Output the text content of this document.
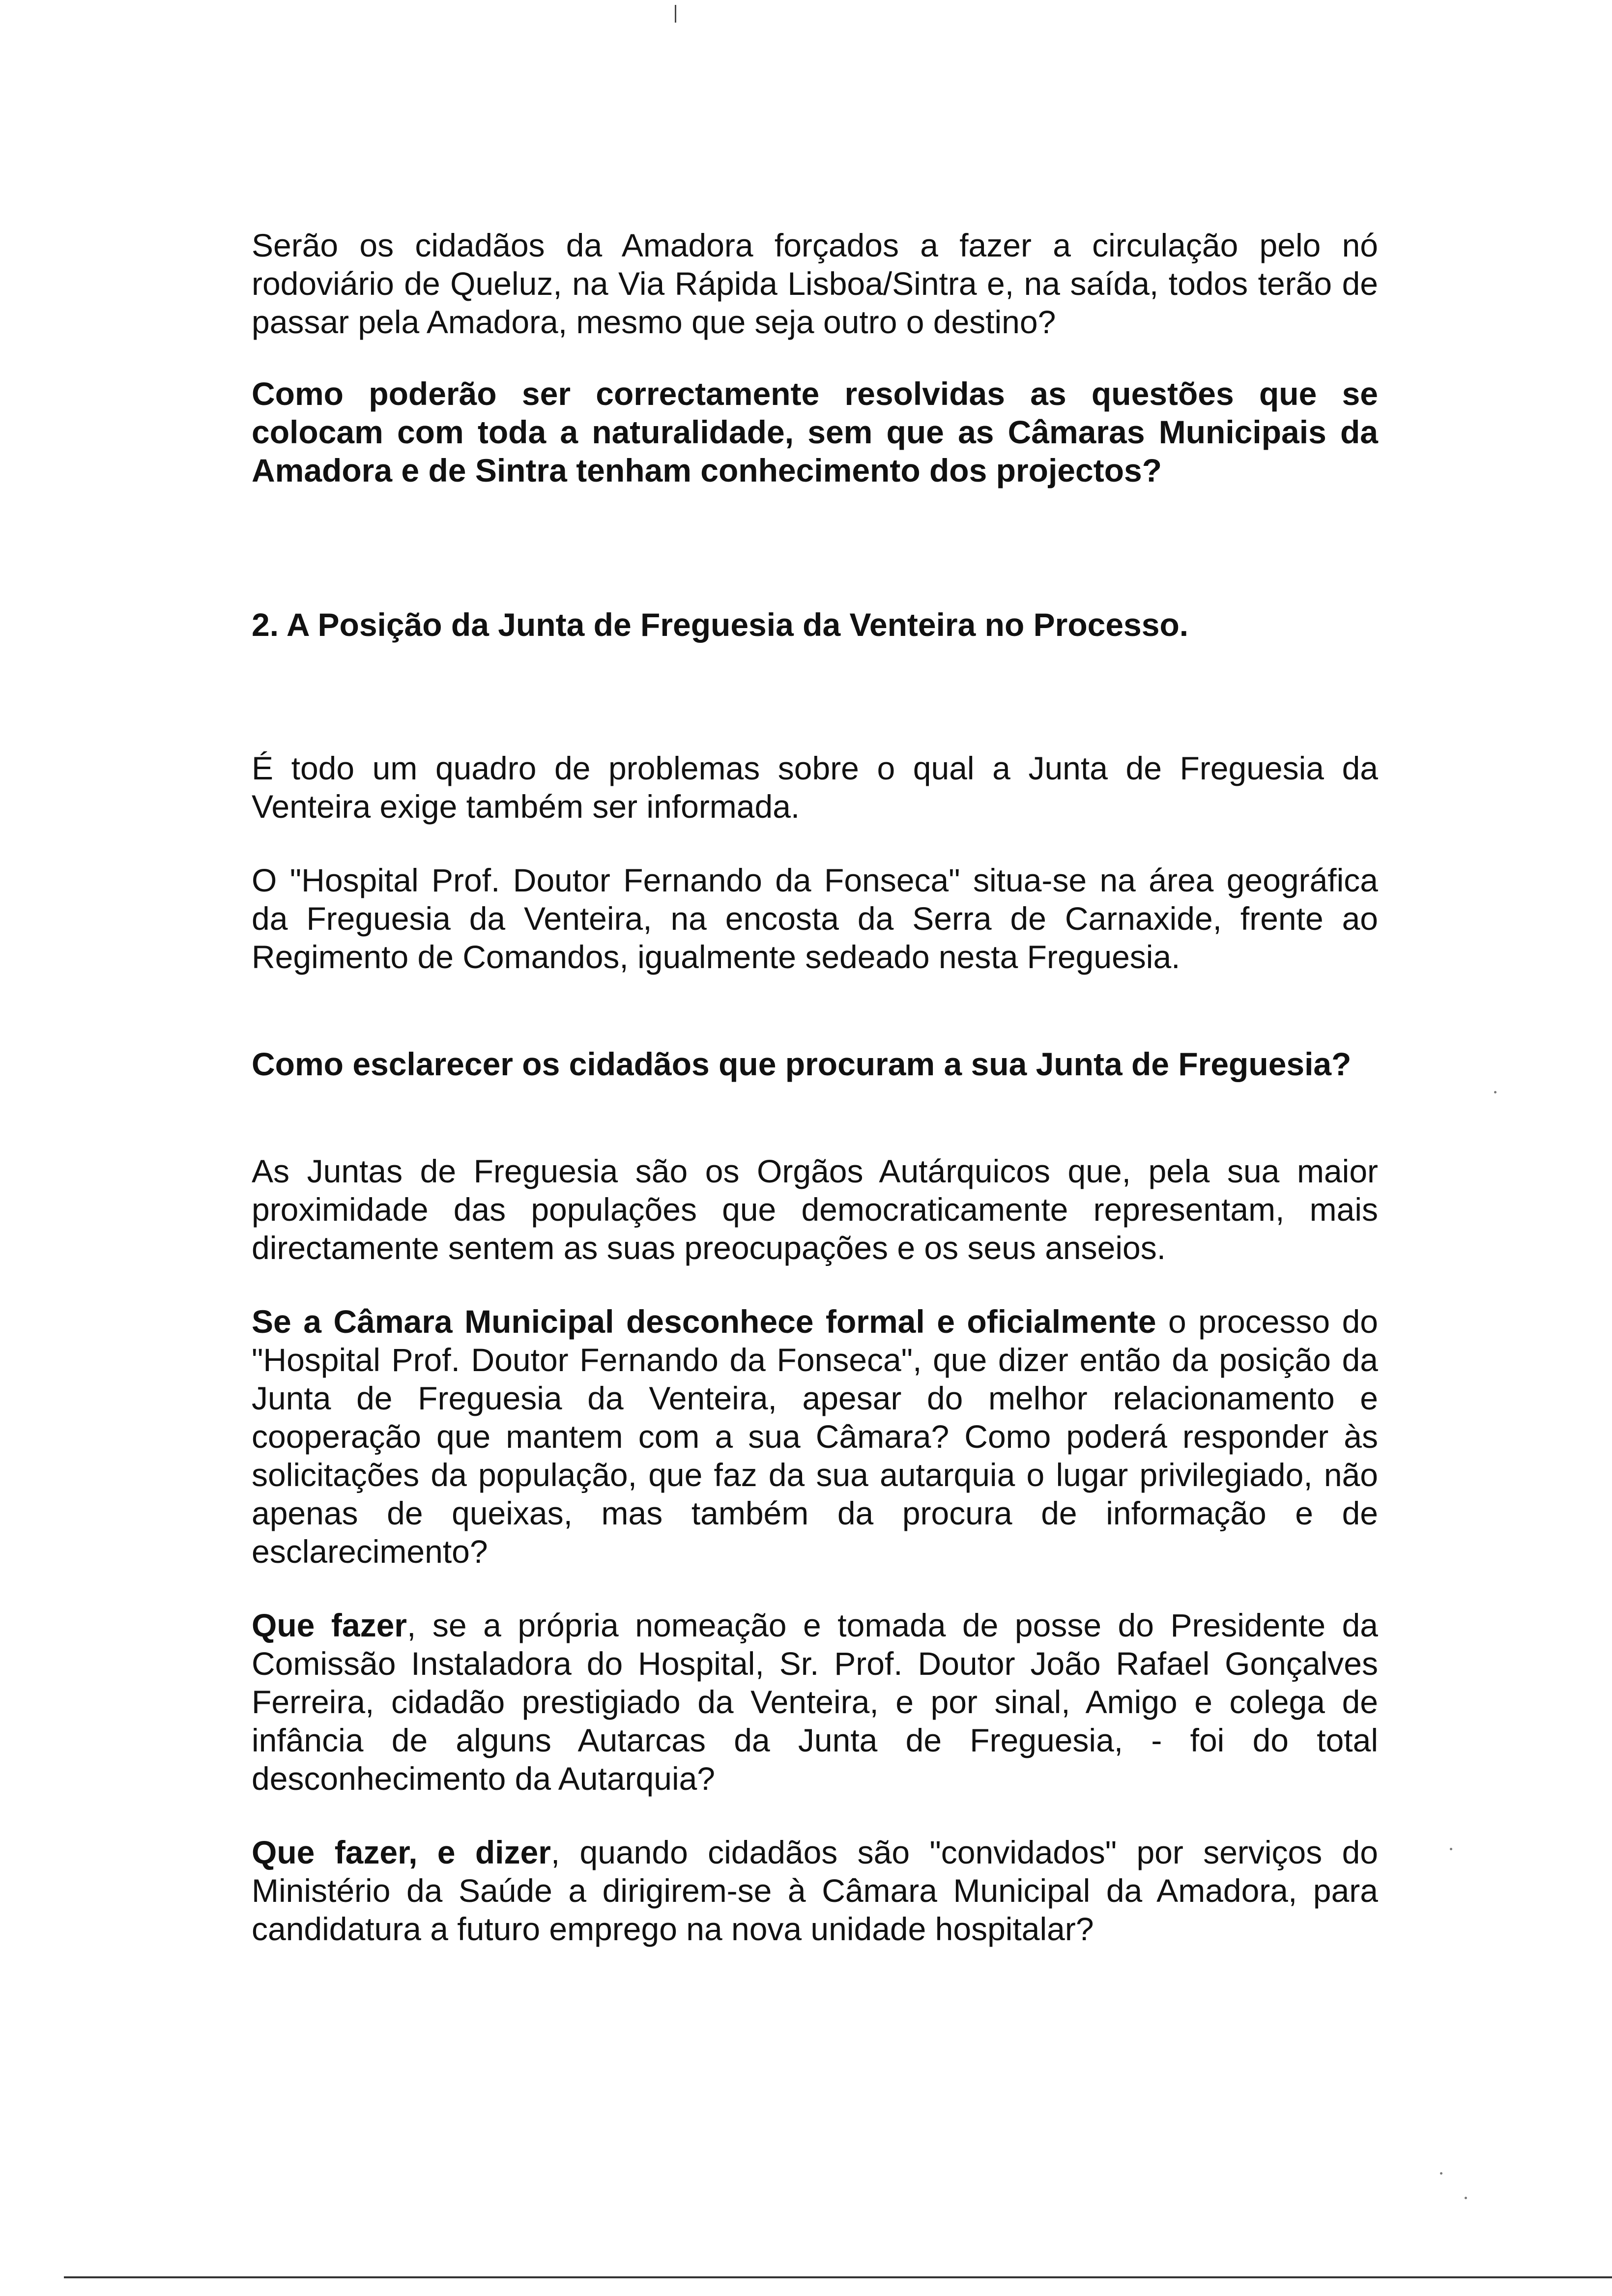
Serão os cidadãos da Amadora forçados a fazer a circulação pelo nó rodoviário de Queluz, na Via Rápida Lisboa/Sintra e, na saída, todos terão de passar pela Amadora, mesmo que seja outro o destino?

Como poderão ser correctamente resolvidas as questões que se colocam com toda a naturalidade, sem que as Câmaras Municipais da Amadora e de Sintra tenham conhecimento dos projectos?

2. A Posição da Junta de Freguesia da Venteira no Processo.

É todo um quadro de problemas sobre o qual a Junta de Freguesia da Venteira exige também ser informada.

O "Hospital Prof. Doutor Fernando da Fonseca" situa-se na área geográfica da Freguesia da Venteira, na encosta da Serra de Carnaxide, frente ao Regimento de Comandos, igualmente sedeado nesta Freguesia.

Como esclarecer os cidadãos que procuram a sua Junta de Freguesia?

As Juntas de Freguesia são os Orgãos Autárquicos que, pela sua maior proximidade das populações que democraticamente representam, mais directamente sentem as suas preocupações e os seus anseios.

Se a Câmara Municipal desconhece formal e oficialmente o processo do "Hospital Prof. Doutor Fernando da Fonseca", que dizer então da posição da Junta de Freguesia da Venteira, apesar do melhor relacionamento e cooperação que mantem com a sua Câmara? Como poderá responder às solicitações da população, que faz da sua autarquia o lugar privilegiado, não apenas de queixas, mas também da procura de informação e de esclarecimento?

Que fazer, se a própria nomeação e tomada de posse do Presidente da Comissão Instaladora do Hospital, Sr. Prof. Doutor João Rafael Gonçalves Ferreira, cidadão prestigiado da Venteira, e por sinal, Amigo e colega de infância de alguns Autarcas da Junta de Freguesia, - foi do total desconhecimento da Autarquia?

Que fazer, e dizer, quando cidadãos são "convidados" por serviços do Ministério da Saúde a dirigirem-se à Câmara Municipal da Amadora, para candidatura a futuro emprego na nova unidade hospitalar?
